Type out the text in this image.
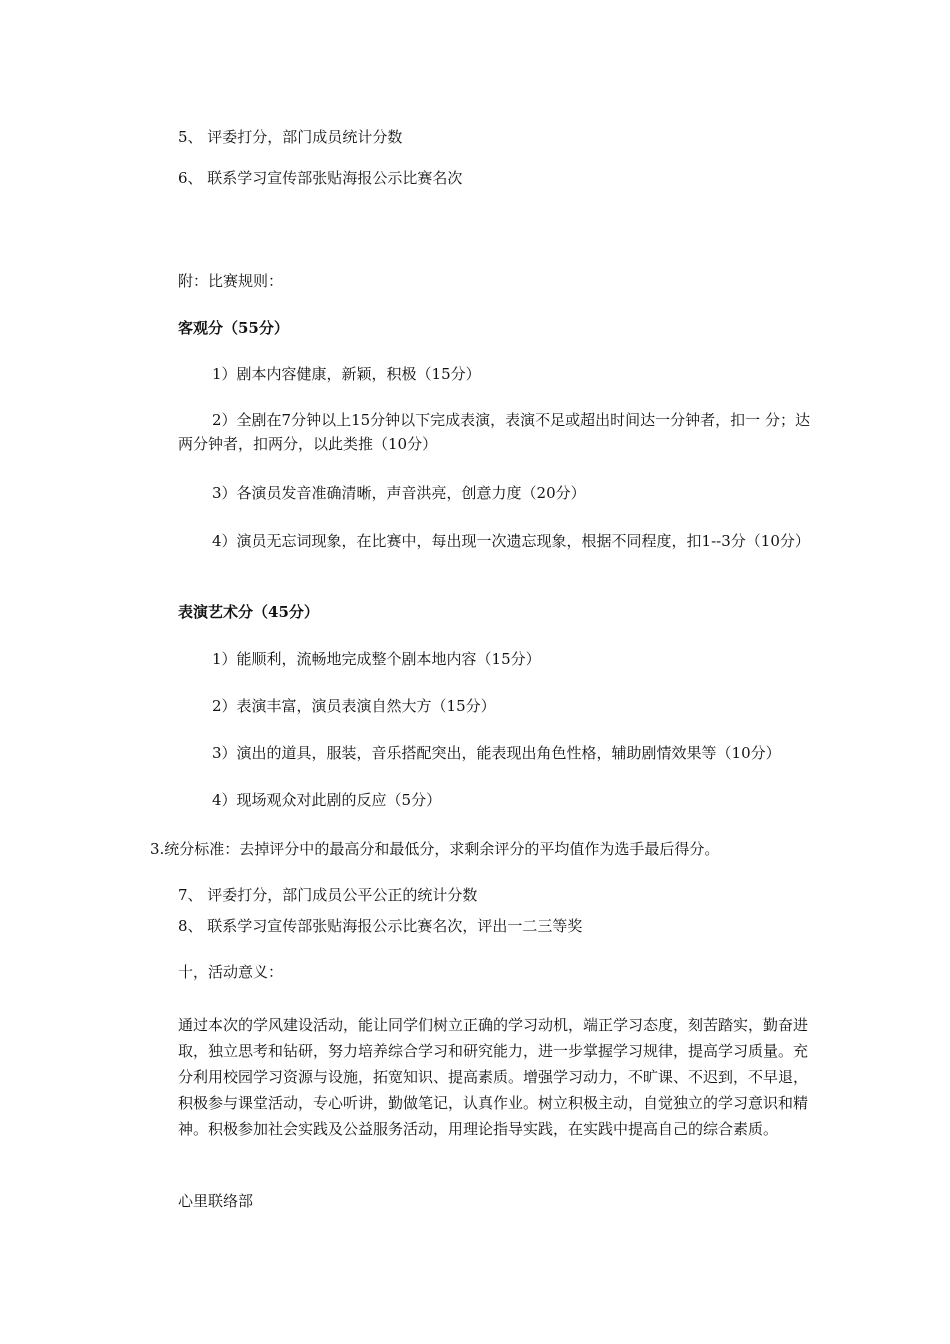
5、 评委打分，部门成员统计分数
6、 联系学习宣传部张贴海报公示比赛名次
附：比赛规则：
客观分（55分）
1）剧本内容健康，新颖，积极（15分）
2）全剧在7分钟以上15分钟以下完成表演，表演不足或超出时间达一分钟者，扣一 分；达两分钟者，扣两分，以此类推（10分）
3）各演员发音准确清晰，声音洪亮，创意力度（20分）
4）演员无忘词现象，在比赛中，每出现一次遗忘现象，根据不同程度，扣1--3分（10分）
表演艺术分（45分）
1）能顺利，流畅地完成整个剧本地内容（15分）
2）表演丰富，演员表演自然大方（15分）
3）演出的道具，服装，音乐搭配突出，能表现出角色性格，辅助剧情效果等（10分）
4）现场观众对此剧的反应（5分）
3.统分标准：去掉评分中的最高分和最低分，求剩余评分的平均值作为选手最后得分。
7、 评委打分，部门成员公平公正的统计分数
8、 联系学习宣传部张贴海报公示比赛名次，评出一二三等奖
十，活动意义：
通过本次的学风建设活动，能让同学们树立正确的学习动机，端正学习态度，刻苦踏实，勤奋进取，独立思考和钻研，努力培养综合学习和研究能力，进一步掌握学习规律，提高学习质量。充分利用校园学习资源与设施，拓宽知识、提高素质。增强学习动力，不旷课、不迟到，不早退，积极参与课堂活动，专心听讲，勤做笔记，认真作业。树立积极主动，自觉独立的学习意识和精神。积极参加社会实践及公益服务活动，用理论指导实践，在实践中提高自己的综合素质。
心里联络部
